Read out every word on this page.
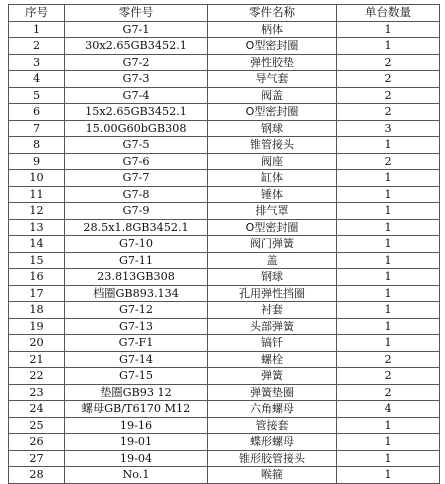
序号	零件号	零件名称	单台数量
1	G7-1	柄体	1
2	30x2.65GB3452.1	O型密封圈	1
3	G7-2	弹性胶垫	2
4	G7-3	导气套	2
5	G7-4	阀盖	2
6	15x2.65GB3452.1	O型密封圈	2
7	15.00G60bGB308	钢球	3
8	G7-5	锥管接头	1
9	G7-6	阀座	2
10	G7-7	缸体	1
11	G7-8	锤体	1
12	G7-9	排气罩	1
13	28.5x1.8GB3452.1	O型密封圈	1
14	G7-10	阀门弹簧	1
15	G7-11	盖	1
16	23.813GB308	钢球	1
17	档圈GB893.134	孔用弹性挡圈	1
18	G7-12	衬套	1
19	G7-13	头部弹簧	1
20	G7-F1	镐钎	1
21	G7-14	螺栓	2
22	G7-15	弹簧	2
23	垫圈GB93 12	弹簧垫圈	2
24	螺母GB/T6170 M12	六角螺母	4
25	19-16	管接套	1
26	19-01	蝶形螺母	1
27	19-04	锥形胶管接头	1
28	No.1	喉箍	1
